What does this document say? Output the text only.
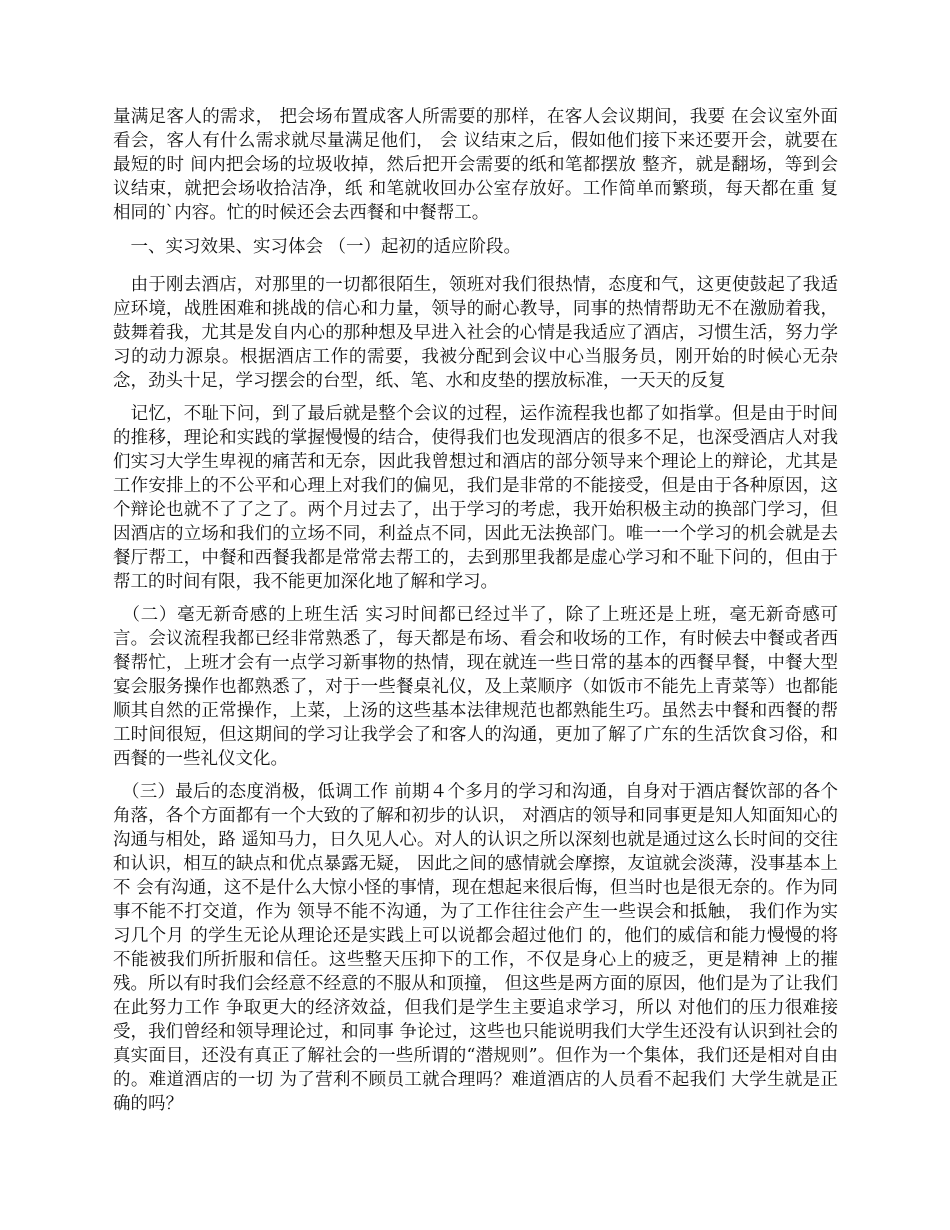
量满足客人的需求， 把会场布置成客人所需要的那样，在客人会议期间，我要 在会议室外面看会，客人有什么需求就尽量满足他们， 会 议结束之后，假如他们接下来还要开会，就要在最短的时 间内把会场的垃圾收掉，然后把开会需要的纸和笔都摆放 整齐，就是翻场，等到会议结束，就把会场收拾洁净，纸 和笔就收回办公室存放好。工作简单而繁琐，每天都在重 复相同的`内容。忙的时候还会去西餐和中餐帮工。

　一、实习效果、实习体会 （一）起初的适应阶段。

　由于刚去酒店，对那里的一切都很陌生，领班对我们很热情，态度和气，这更使鼓起了我适应环境，战胜困难和挑战的信心和力量，领导的耐心教导，同事的热情帮助无不在激励着我，鼓舞着我，尤其是发自内心的那种想及早进入社会的心情是我适应了酒店，习惯生活，努力学习的动力源泉。根据酒店工作的需要，我被分配到会议中心当服务员，刚开始的时候心无杂念，劲头十足，学习摆会的台型，纸、笔、水和皮垫的摆放标准，一天天的反复

　记忆，不耻下问，到了最后就是整个会议的过程，运作流程我也都了如指掌。但是由于时间的推移，理论和实践的掌握慢慢的结合，使得我们也发现酒店的很多不足，也深受酒店人对我们实习大学生卑视的痛苦和无奈，因此我曾想过和酒店的部分领导来个理论上的辩论，尤其是工作安排上的不公平和心理上对我们的偏见，我们是非常的不能接受，但是由于各种原因，这个辩论也就不了了之了。两个月过去了，出于学习的考虑，我开始积极主动的换部门学习，但因酒店的立场和我们的立场不同，利益点不同，因此无法换部门。唯一一个学习的机会就是去餐厅帮工，中餐和西餐我都是常常去帮工的，去到那里我都是虚心学习和不耻下问的，但由于帮工的时间有限，我不能更加深化地了解和学习。

　（二）毫无新奇感的上班生活 实习时间都已经过半了，除了上班还是上班，毫无新奇感可言。会议流程我都已经非常熟悉了，每天都是布场、看会和收场的工作，有时候去中餐或者西餐帮忙，上班才会有一点学习新事物的热情，现在就连一些日常的基本的西餐早餐，中餐大型宴会服务操作也都熟悉了，对于一些餐桌礼仪，及上菜顺序（如饭市不能先上青菜等）也都能顺其自然的正常操作，上菜，上汤的这些基本法律规范也都熟能生巧。虽然去中餐和西餐的帮工时间很短，但这期间的学习让我学会了和客人的沟通，更加了解了广东的生活饮食习俗，和西餐的一些礼仪文化。

　（三）最后的态度消极，低调工作 前期４个多月的学习和沟通，自身对于酒店餐饮部的各个角落，各个方面都有一个大致的了解和初步的认识， 对酒店的领导和同事更是知人知面知心的沟通与相处，路 遥知马力，日久见人心。对人的认识之所以深刻也就是通过这么长时间的交往和认识，相互的缺点和优点暴露无疑， 因此之间的感情就会摩擦，友谊就会淡薄，没事基本上不 会有沟通，这不是什么大惊小怪的事情，现在想起来很后悔，但当时也是很无奈的。作为同事不能不打交道，作为 领导不能不沟通，为了工作往往会产生一些误会和抵触， 我们作为实习几个月 的学生无论从理论还是实践上可以说都会超过他们 的，他们的威信和能力慢慢的将不能被我们所折服和信任。这些整天压抑下的工作，不仅是身心上的疲乏，更是精神 上的摧残。所以有时我们会经意不经意的不服从和顶撞， 但这些是两方面的原因，他们是为了让我们在此努力工作 争取更大的经济效益，但我们是学生主要追求学习，所以 对他们的压力很难接受，我们曾经和领导理论过，和同事 争论过，这些也只能说明我们大学生还没有认识到社会的 真实面目，还没有真正了解社会的一些所谓的“潜规则”。但作为一个集体，我们还是相对自由的。难道酒店的一切 为了营利不顾员工就合理吗？难道酒店的人员看不起我们 大学生就是正确的吗？
